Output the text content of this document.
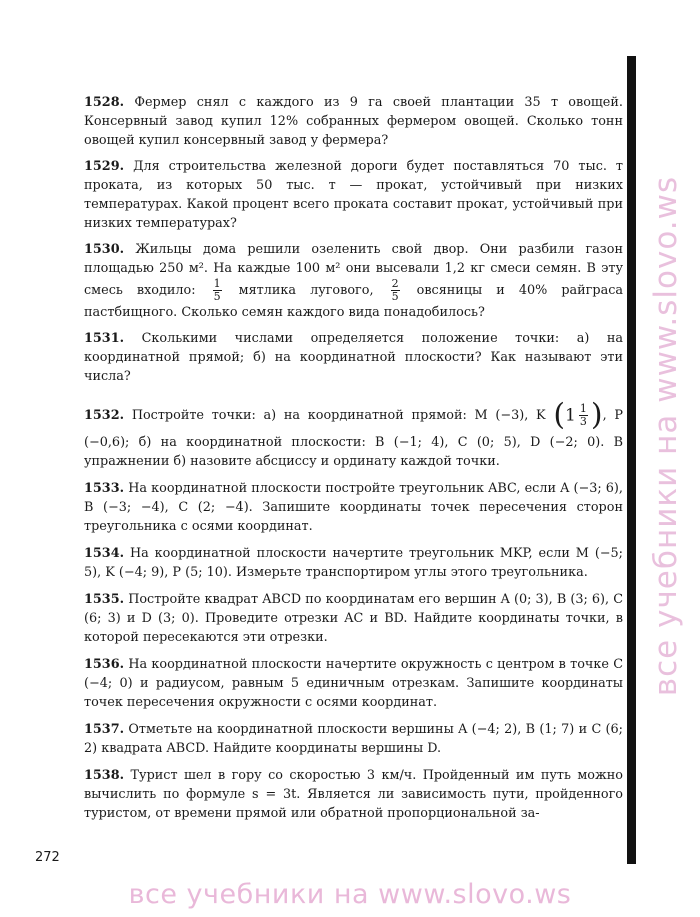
все учебники на www.slovo.ws

1528. Фермер снял с каждого из 9 га своей плантации 35 т овощей. Консервный завод купил 12% собранных фермером овощей. Сколько тонн овощей купил консервный завод у фермера?

1529. Для строительства железной дороги будет поставляться 70 тыс. т проката, из которых 50 тыс. т — прокат, устойчивый при низких температурах. Какой процент всего проката составит прокат, устойчивый при низких температурах?

1530. Жильцы дома решили озеленить свой двор. Они разбили газон площадью 250 м². На каждые 100 м² они высевали 1,2 кг смеси семян. В эту смесь входило: $\frac{1}{5}$ мятлика лугового, $\frac{2}{5}$ овсяницы и 40% райграса пастбищного. Сколько семян каждого вида понадобилось?

1531. Сколькими числами определяется положение точки: а) на координатной прямой; б) на координатной плоскости? Как называют эти числа?

1532. Постройте точки: а) на координатной прямой: M (−3), K ($1 \frac{1}{3}$ ), P (−0,6); б) на координатной плоскости: B (−1; 4), C (0; 5), D (−2; 0). В упражнении б) назовите абсциссу и ординату каждой точки.

1533. На координатной плоскости постройте треугольник ABC, если A (−3; 6), B (−3; −4), C (2; −4). Запишите координаты точек пересечения сторон треугольника с осями координат.

1534. На координатной плоскости начертите треугольник MKP, если M (−5; 5), K (−4; 9), P (5; 10). Измерьте транспортиром углы этого треугольника.

1535. Постройте квадрат ABCD по координатам его вершин A (0; 3), B (3; 6), C (6; 3) и D (3; 0). Проведите отрезки AC и BD. Найдите координаты точки, в которой пересекаются эти отрезки.

1536. На координатной плоскости начертите окружность с центром в точке C (−4; 0) и радиусом, равным 5 единичным отрезкам. Запишите координаты точек пересечения окружности с осями координат.

1537. Отметьте на координатной плоскости вершины A (−4; 2), B (1; 7) и C (6; 2) квадрата ABCD. Найдите координаты вершины D.

1538. Турист шел в гору со скоростью 3 км/ч. Пройденный им путь можно вычислить по формуле s = 3t. Является ли зависимость пути, пройденного туристом, от времени прямой или обратной пропорциональной за-

272
все учебники на www.slovo.ws
